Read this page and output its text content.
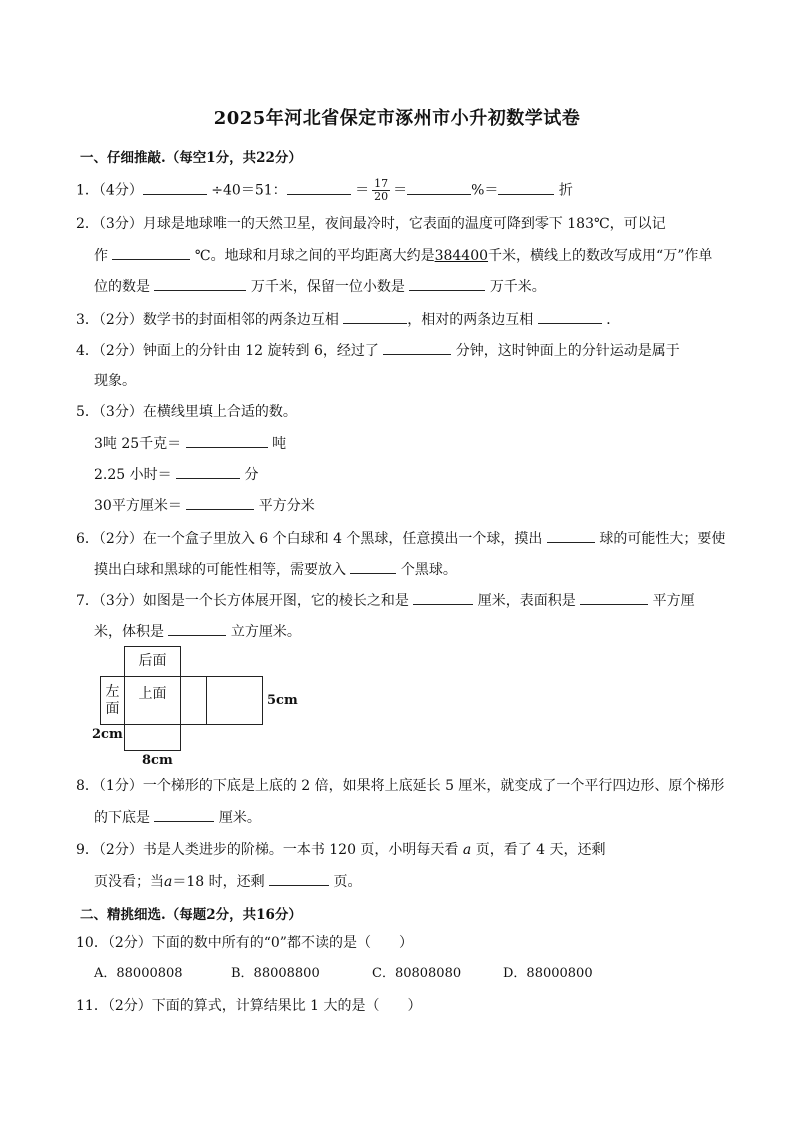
2025年河北省保定市涿州市小升初数学试卷
一、仔细推敲.（每空1分，共22分）
1．（4分）	÷40＝51：	＝ $\frac{17}{20}$ ＝	%＝	折
2．（3分）月球是地球唯一的天然卫星，夜间最冷时，它表面的温度可降到零下 183℃，可以记
作	℃。地球和月球之间的平均距离大约是384400千米，横线上的数改写成用“万”作单
位的数是	万千米，保留一位小数是	万千米。
3．（2分）数学书的封面相邻的两条边互相	，相对的两条边互相	．
4．（2分）钟面上的分针由 12 旋转到 6，经过了	分钟，这时钟面上的分针运动是属于
现象。
5．（3分）在横线里填上合适的数。
3吨 25千克＝	吨
2.25 小时＝	分
30平方厘米＝	平方分米
6．（2分）在一个盒子里放入 6 个白球和 4 个黑球，任意摸出一个球，摸出	球的可能性大；要使
摸出白球和黑球的可能性相等，需要放入	个黑球。
7．（3分）如图是一个长方体展开图，它的棱长之和是	厘米，表面积是	平方厘
米，体积是	立方厘米。
后面
左
面
上面	5cm
2cm
8cm
8．（1分）一个梯形的下底是上底的 2 倍，如果将上底延长 5 厘米，就变成了一个平行四边形、原个梯形
的下底是	厘米。
9．（2分）书是人类进步的阶梯。一本书 120 页，小明每天看 a 页，看了 4 天，还剩
页没看；当a＝18 时，还剩	页。
二、精挑细选.（每题2分，共16分）
10．（2分）下面的数中所有的“0”都不读的是（　　）
A．88000808	B．88008800	C．80808080	D．88000800
11．（2分）下面的算式，计算结果比 1 大的是（　　）
